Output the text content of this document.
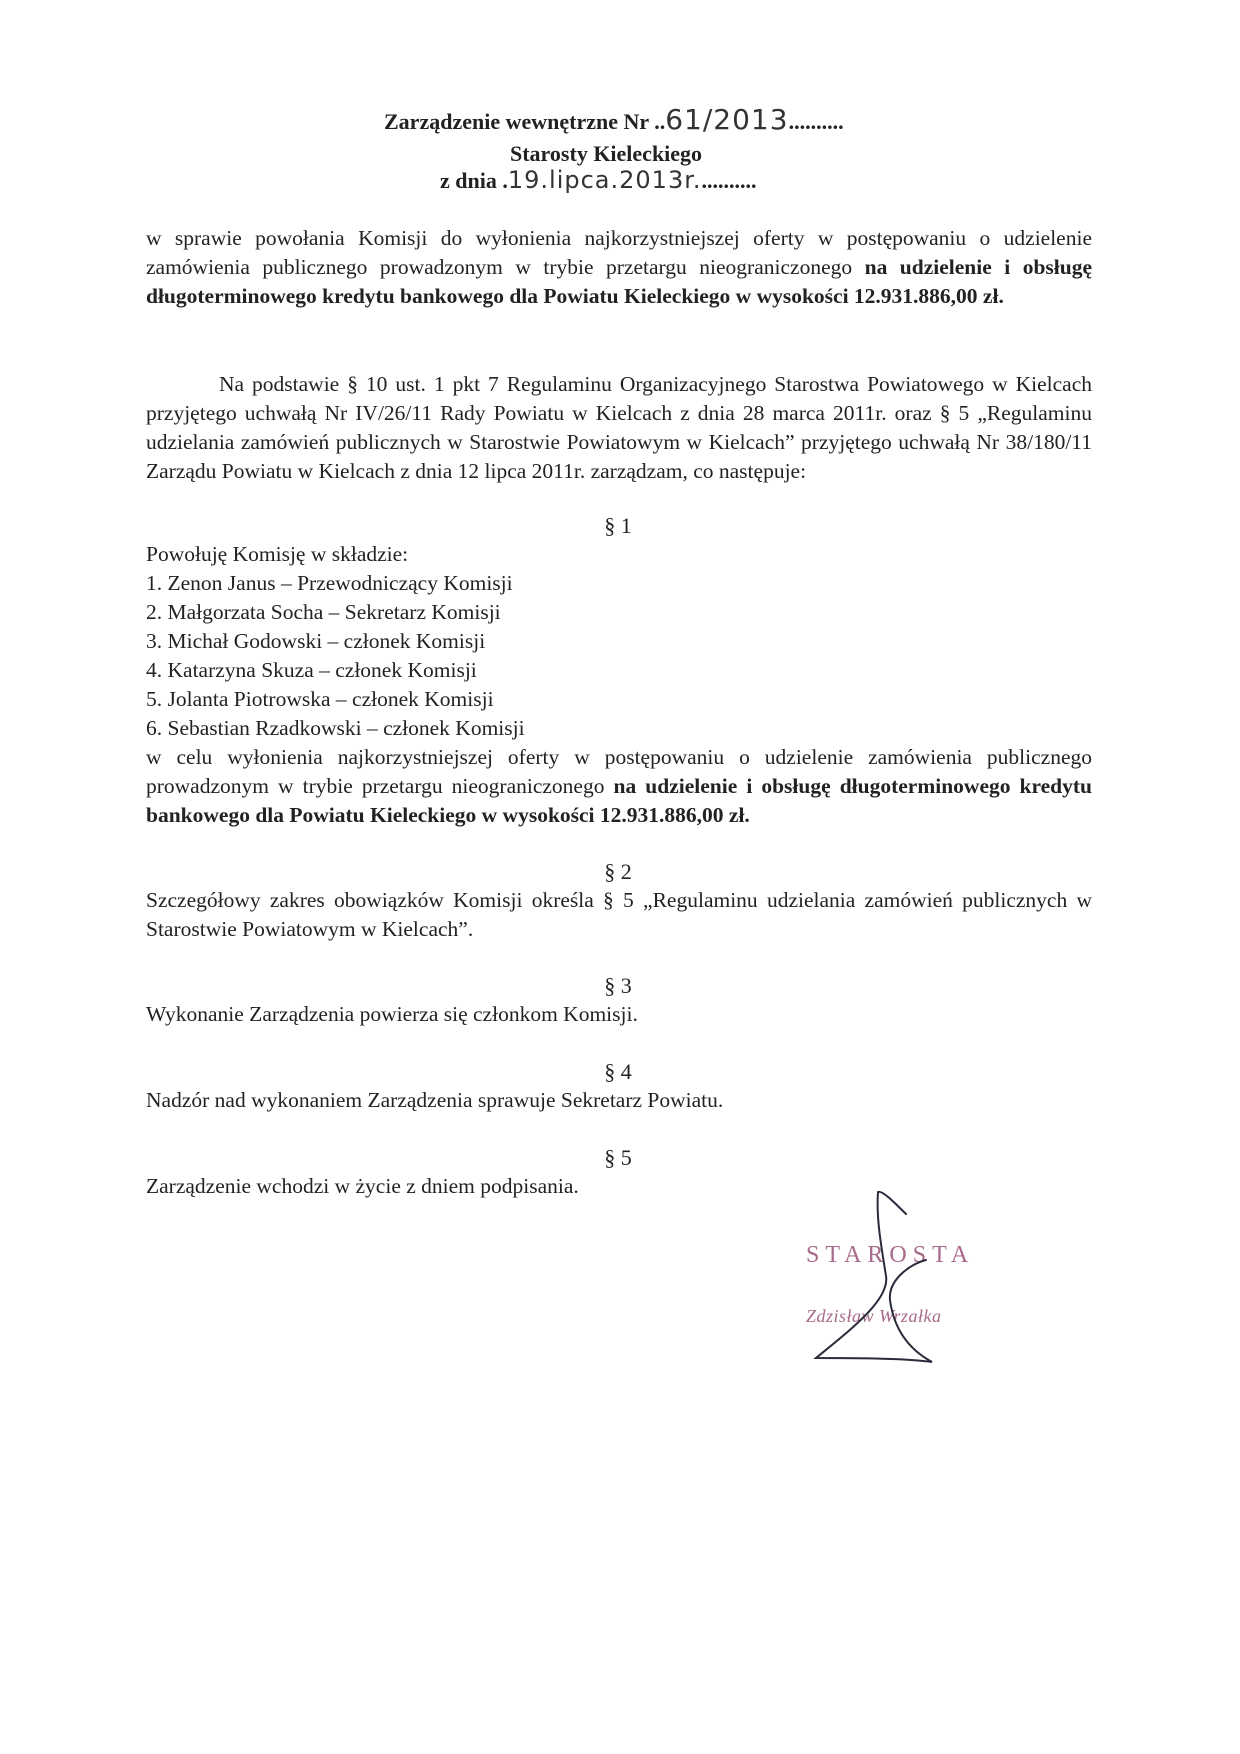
Zarządzenie wewnętrzne Nr ..61/2013..........
Starosty Kieleckiego
z dnia .19.lipca.2013r...........
w sprawie powołania Komisji do wyłonienia najkorzystniejszej oferty w postępowaniu o udzielenie zamówienia publicznego prowadzonym w trybie przetargu nieograniczonego na udzielenie i obsługę długoterminowego kredytu bankowego dla Powiatu Kieleckiego w wysokości 12.931.886,00 zł.
Na podstawie § 10 ust. 1 pkt 7 Regulaminu Organizacyjnego Starostwa Powiatowego w Kielcach przyjętego uchwałą Nr IV/26/11 Rady Powiatu w Kielcach z dnia 28 marca 2011r. oraz § 5 „Regulaminu udzielania zamówień publicznych w Starostwie Powiatowym w Kielcach” przyjętego uchwałą Nr 38/180/11 Zarządu Powiatu w Kielcach z dnia 12 lipca 2011r. zarządzam, co następuje:
§ 1
Powołuję Komisję w składzie:
1. Zenon Janus – Przewodniczący Komisji
2. Małgorzata Socha – Sekretarz Komisji
3. Michał Godowski – członek Komisji
4. Katarzyna Skuza – członek Komisji
5. Jolanta Piotrowska – członek Komisji
6. Sebastian Rzadkowski – członek Komisji
w celu wyłonienia najkorzystniejszej oferty w postępowaniu o udzielenie zamówienia publicznego prowadzonym w trybie przetargu nieograniczonego na udzielenie i obsługę długoterminowego kredytu bankowego dla Powiatu Kieleckiego w wysokości 12.931.886,00 zł.
§ 2
Szczegółowy zakres obowiązków Komisji określa § 5 „Regulaminu udzielania zamówień publicznych w Starostwie Powiatowym w Kielcach”.
§ 3
Wykonanie Zarządzenia powierza się członkom Komisji.
§ 4
Nadzór nad wykonaniem Zarządzenia sprawuje Sekretarz Powiatu.
§ 5
Zarządzenie wchodzi w życie z dniem podpisania.
STAROSTA
Zdzisław Wrzałka
